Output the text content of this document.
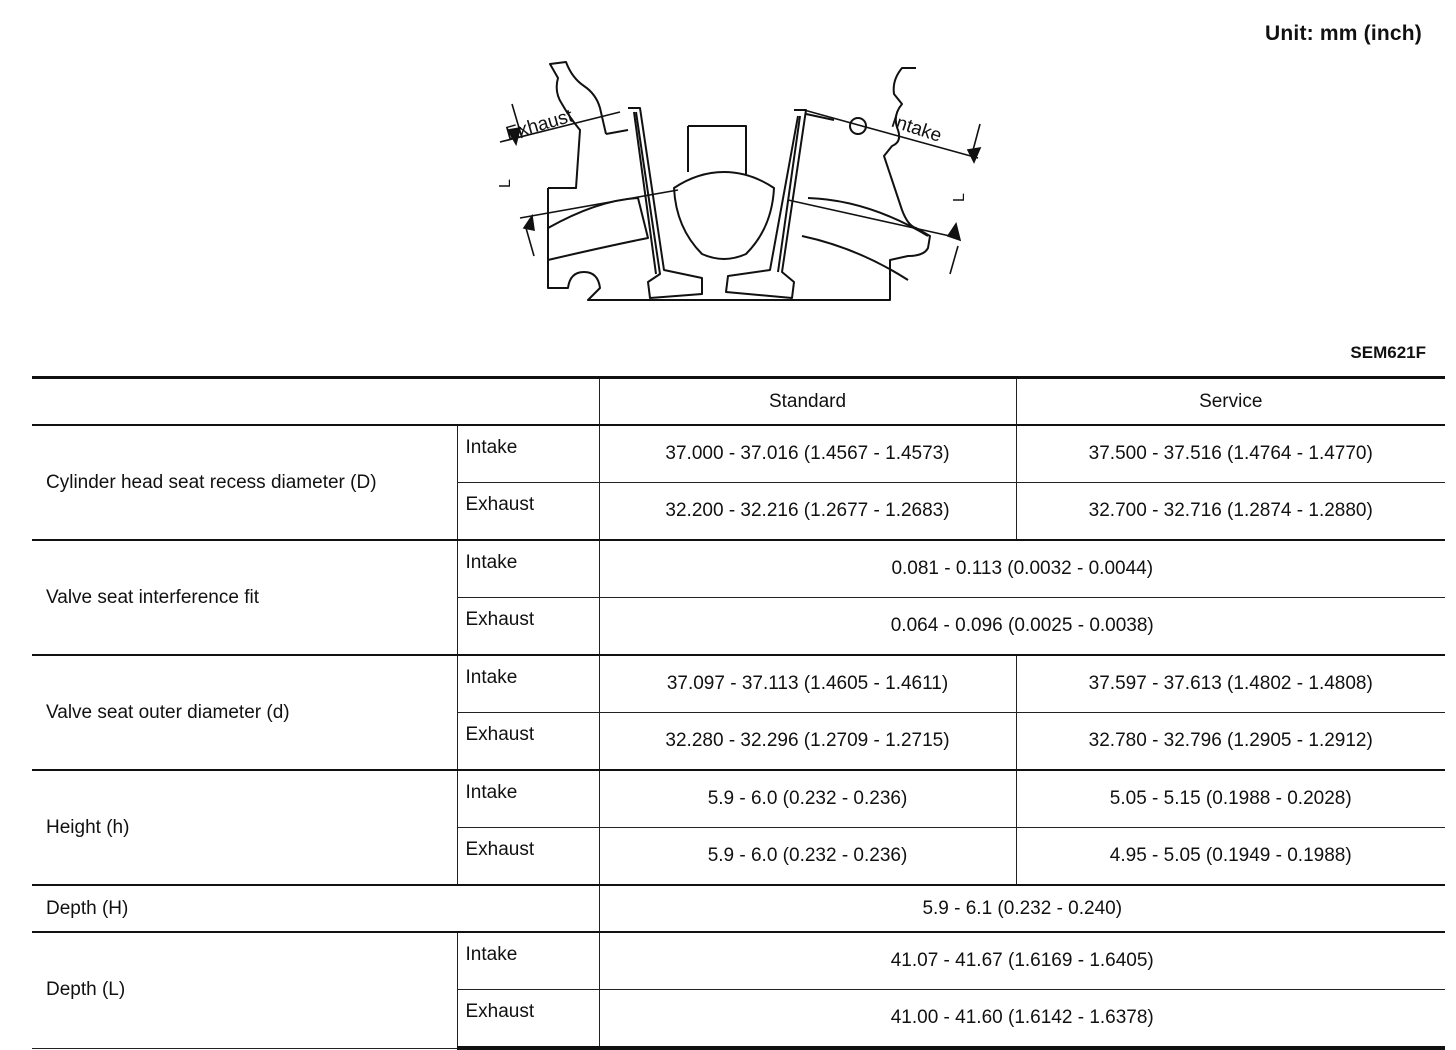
Unit: mm (inch)
Exhaust	Intake
L
L
SEM621F
		Standard	Service
Cylinder head seat recess diameter (D)	Intake	37.000 - 37.016 (1.4567 - 1.4573)	37.500 - 37.516 (1.4764 - 1.4770)
	Exhaust	32.200 - 32.216 (1.2677 - 1.2683)	32.700 - 32.716 (1.2874 - 1.2880)
Valve seat interference fit	Intake	0.081 - 0.113 (0.0032 - 0.0044)	
	Exhaust	0.064 - 0.096 (0.0025 - 0.0038)	
Valve seat outer diameter (d)	Intake	37.097 - 37.113 (1.4605 - 1.4611)	37.597 - 37.613 (1.4802 - 1.4808)
	Exhaust	32.280 - 32.296 (1.2709 - 1.2715)	32.780 - 32.796 (1.2905 - 1.2912)
Height (h)	Intake	5.9 - 6.0 (0.232 - 0.236)	5.05 - 5.15 (0.1988 - 0.2028)
	Exhaust	5.9 - 6.0 (0.232 - 0.236)	4.95 - 5.05 (0.1949 - 0.1988)
Depth (H)		5.9 - 6.1 (0.232 - 0.240)	
Depth (L)	Intake	41.07 - 41.67 (1.6169 - 1.6405)	
	Exhaust	41.00 - 41.60 (1.6142 - 1.6378)	
